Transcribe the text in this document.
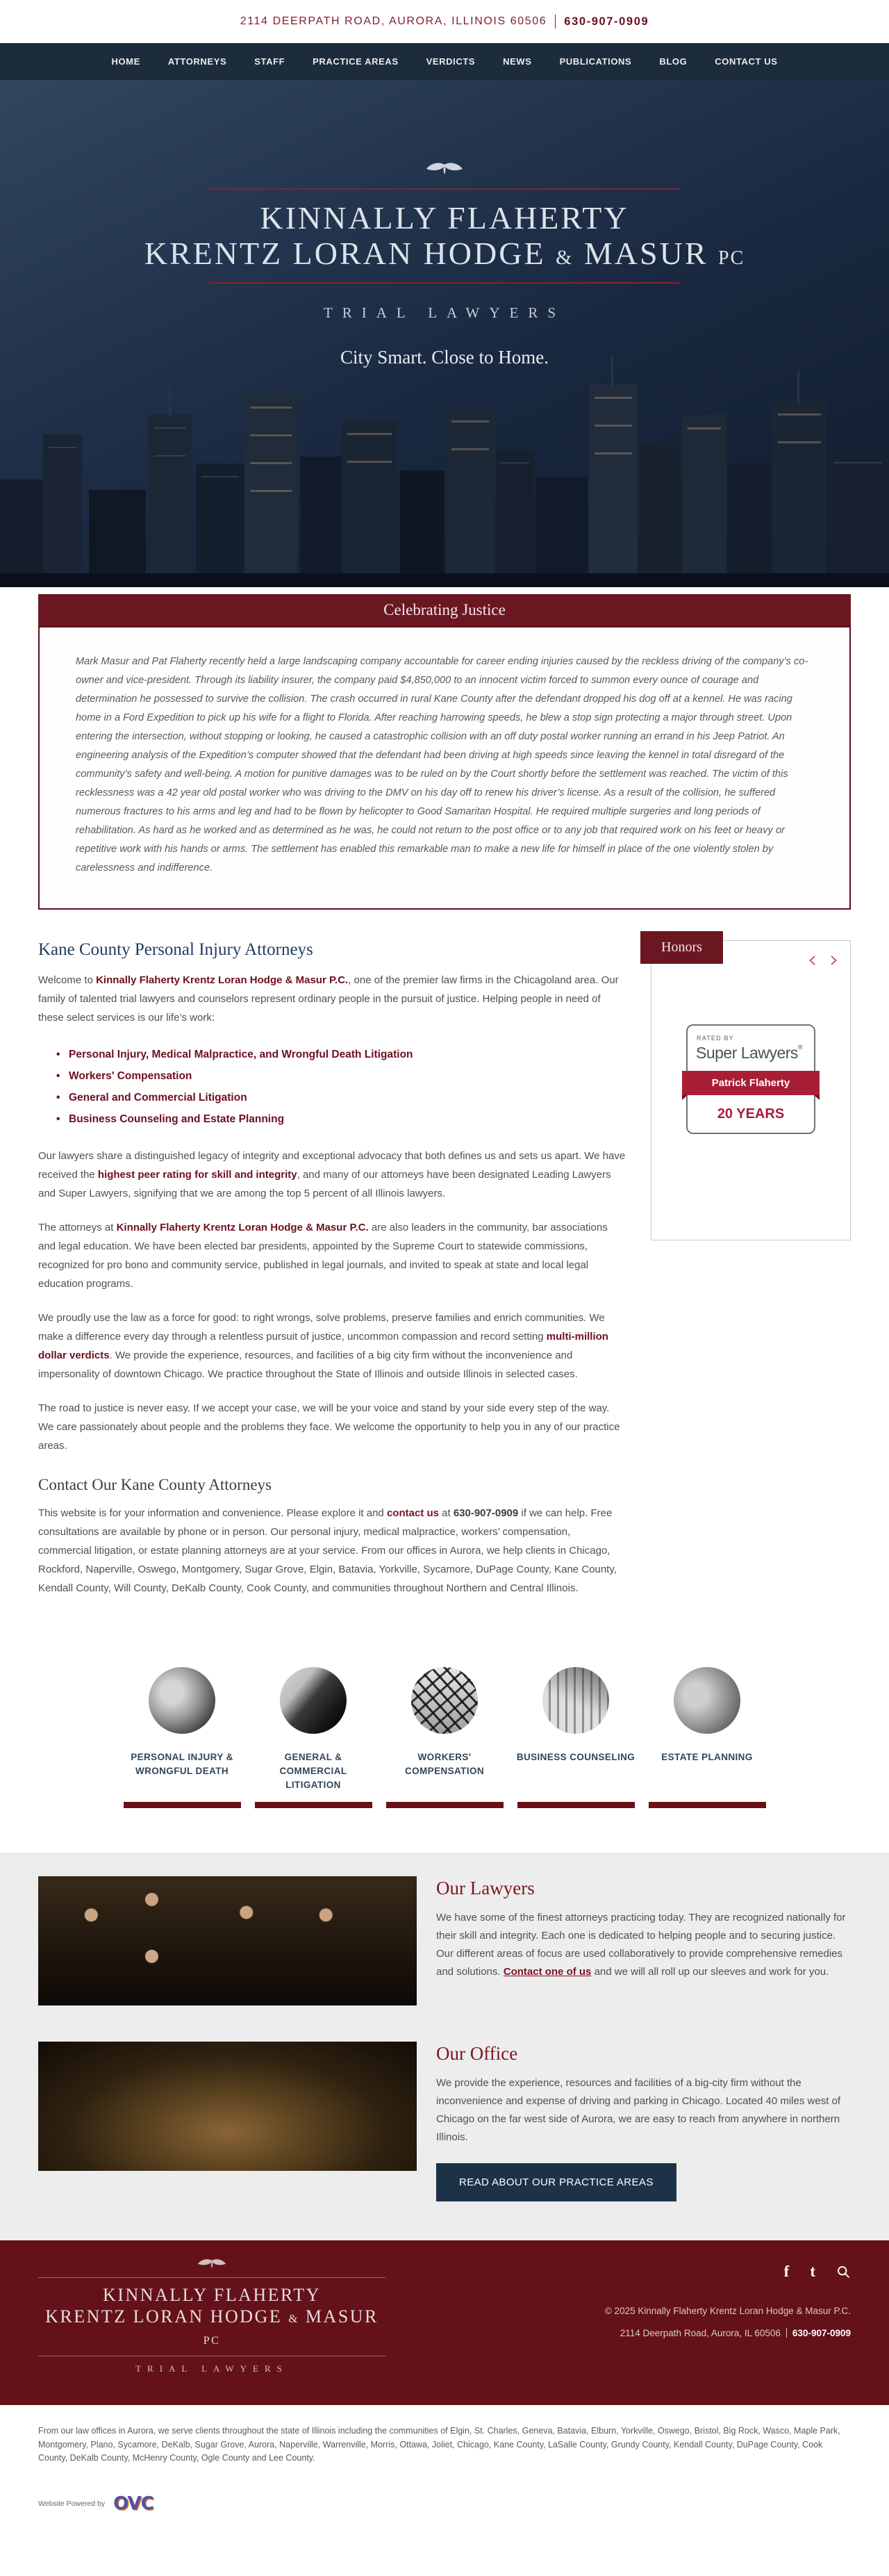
2114 DEERPATH ROAD, AURORA, ILLINOIS 60506 630-907-0909
HOME	ATTORNEYS	STAFF	PRACTICE AREAS	VERDICTS	NEWS	PUBLICATIONS	BLOG	CONTACT US
KINNALLY FLAHERTY
KRENTZ LORAN HODGE & MASUR PC
TRIAL LAWYERS
City Smart. Close to Home.
Celebrating Justice
Mark Masur and Pat Flaherty recently held a large landscaping company accountable for career ending injuries caused by the reckless driving of the company’s co-owner and vice-president. Through its liability insurer, the company paid $4,850,000 to an innocent victim forced to summon every ounce of courage and determination he possessed to survive the collision. The crash occurred in rural Kane County after the defendant dropped his dog off at a kennel. He was racing home in a Ford Expedition to pick up his wife for a flight to Florida. After reaching harrowing speeds, he blew a stop sign protecting a major through street. Upon entering the intersection, without stopping or looking, he caused a catastrophic collision with an off duty postal worker running an errand in his Jeep Patriot. An engineering analysis of the Expedition’s computer showed that the defendant had been driving at high speeds since leaving the kennel in total disregard of the community’s safety and well-being. A motion for punitive damages was to be ruled on by the Court shortly before the settlement was reached. The victim of this recklessness was a 42 year old postal worker who was driving to the DMV on his day off to renew his driver’s license. As a result of the collision, he suffered numerous fractures to his arms and leg and had to be flown by helicopter to Good Samaritan Hospital. He required multiple surgeries and long periods of rehabilitation. As hard as he worked and as determined as he was, he could not return to the post office or to any job that required work on his feet or heavy or repetitive work with his hands or arms. The settlement has enabled this remarkable man to make a new life for himself in place of the one violently stolen by carelessness and indifference.
Kane County Personal Injury Attorneys

Welcome to Kinnally Flaherty Krentz Loran Hodge & Masur P.C., one of the premier law firms in the Chicagoland area. Our family of talented trial lawyers and counselors represent ordinary people in the pursuit of justice. Helping people in need of these select services is our life’s work:

• Personal Injury, Medical Malpractice, and Wrongful Death Litigation
• Workers' Compensation
• General and Commercial Litigation
• Business Counseling and Estate Planning

Our lawyers share a distinguished legacy of integrity and exceptional advocacy that both defines us and sets us apart. We have received the highest peer rating for skill and integrity, and many of our attorneys have been designated Leading Lawyers and Super Lawyers, signifying that we are among the top 5 percent of all Illinois lawyers.

The attorneys at Kinnally Flaherty Krentz Loran Hodge & Masur P.C. are also leaders in the community, bar associations and legal education. We have been elected bar presidents, appointed by the Supreme Court to statewide commissions, recognized for pro bono and community service, published in legal journals, and invited to speak at state and local legal education programs.

We proudly use the law as a force for good: to right wrongs, solve problems, preserve families and enrich communities. We make a difference every day through a relentless pursuit of justice, uncommon compassion and record setting multi-million dollar verdicts. We provide the experience, resources, and facilities of a big city firm without the inconvenience and impersonality of downtown Chicago. We practice throughout the State of Illinois and outside Illinois in selected cases.

The road to justice is never easy. If we accept your case, we will be your voice and stand by your side every step of the way. We care passionately about people and the problems they face. We welcome the opportunity to help you in any of our practice areas.

Contact Our Kane County Attorneys

This website is for your information and convenience. Please explore it and contact us at 630-907-0909 if we can help. Free consultations are available by phone or in person. Our personal injury, medical malpractice, workers’ compensation, commercial litigation, or estate planning attorneys are at your service. From our offices in Aurora, we help clients in Chicago, Rockford, Naperville, Oswego, Montgomery, Sugar Grove, Elgin, Batavia, Yorkville, Sycamore, DuPage County, Kane County, Kendall County, Will County, DeKalb County, Cook County, and communities throughout Northern and Central Illinois.

Honors	‹ ›
RATED BY
Super Lawyers®
Patrick Flaherty
20 YEARS
PERSONAL INJURY & WRONGFUL DEATH
GENERAL & COMMERCIAL LITIGATION
WORKERS' COMPENSATION
BUSINESS COUNSELING	ESTATE PLANNING
Our Lawyers

We have some of the finest attorneys practicing today. They are recognized nationally for their skill and integrity. Each one is dedicated to helping people and to securing justice. Our different areas of focus are used collaboratively to provide comprehensive remedies and solutions. Contact one of us and we will all roll up our sleeves and work for you.

Our Office

We provide the experience, resources and facilities of a big-city firm without the inconvenience and expense of driving and parking in Chicago. Located 40 miles west of Chicago on the far west side of Aurora, we are easy to reach from anywhere in northern Illinois.

READ ABOUT OUR PRACTICE AREAS
KINNALLY FLAHERTY
KRENTZ LORAN HODGE & MASUR PC
TRIAL LAWYERS
f t
© 2025 Kinnally Flaherty Krentz Loran Hodge & Masur P.C.
2114 Deerpath Road, Aurora, IL 60506 630-907-0909
From our law offices in Aurora, we serve clients throughout the state of Illinois including the communities of Elgin, St. Charles, Geneva, Batavia, Elburn, Yorkville, Oswego, Bristol, Big Rock, Wasco, Maple Park, Montgomery, Plano, Sycamore, DeKalb, Sugar Grove, Aurora, Naperville, Warrenville, Morris, Ottawa, Joliet, Chicago, Kane County, LaSalle County, Grundy County, Kendall County, DuPage County, Cook County, DeKalb County, McHenry County, Ogle County and Lee County.
Website Powered by OVC
